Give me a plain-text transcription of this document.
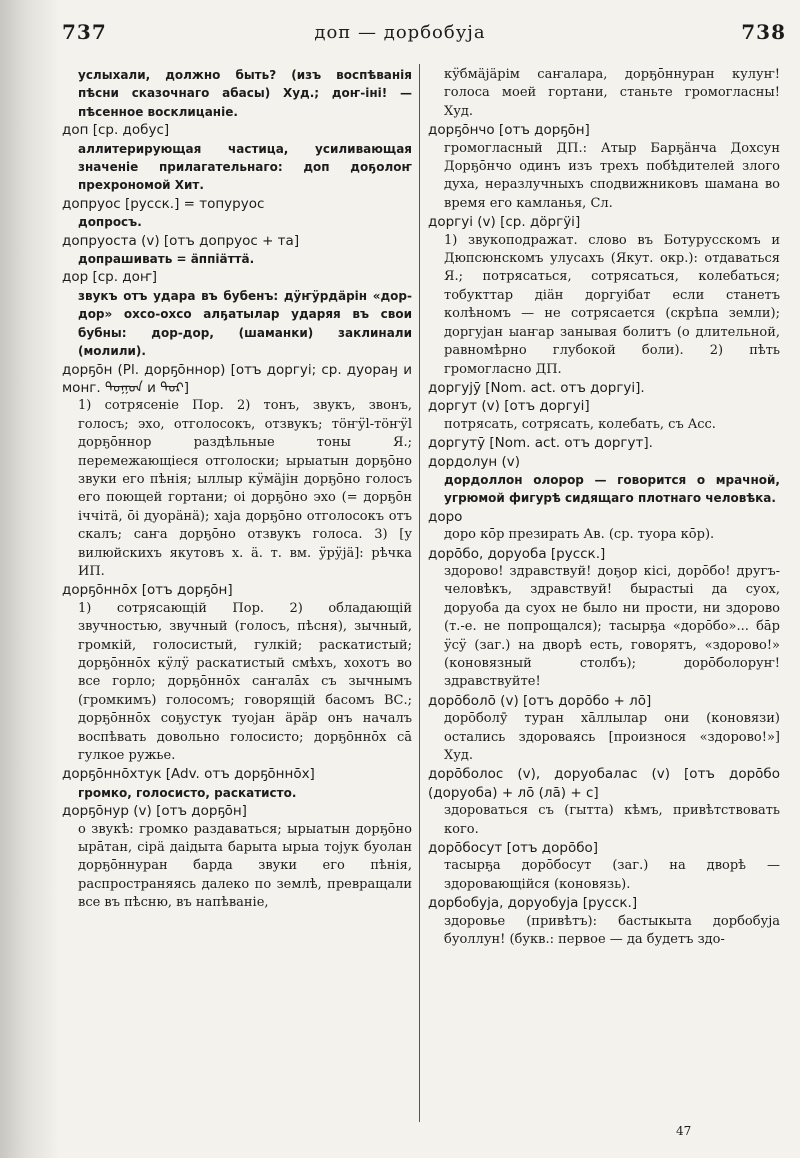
737	доп — дорбобуја	738
услыхали, должно быть? (изъ воспѣванія пѣсни сказочнаго абасы) Худ.; доҥ-іні! — пѣсенное восклицаніе.
доп [ср. добус]
аллитерирующая частица, усиливающая значеніе прилагательнаго: доп доҕолоҥ прехрономой Хит.
допруос [русск.] = топуруос
допросъ.
допруоста (v) [отъ допруос + та]
допрашивать = äппіäттä.
дор [ср. доҥ]
звукъ отъ удара въ бубенъ: дӱҥӱрдäрін «дор-дор» охсо-охсо алҕатылар ударяя въ свои бубны: дор-дор, (шаманки) заклинали (молили).
дорҕōн (Pl. дорҕōннор) [отъ доргуі; ср. дуораӈ и монг. ᠳᠤᠭᠤᠨ и ᠳᠤᠷ]
1) сотрясеніе Пор. 2) тонъ, звукъ, звонъ, голосъ; эхо, отголосокъ, отзвукъ; тöҥӱl-тöҥӱl дорҕōннор раздѣльные тоны Я.; перемежающіеся отголоски; ырыатын дорҕōно звуки его пѣнія; ыллыр кӱмäјін дорҕōно голосъ его поющей гортани; оі дорҕōно эхо (= дорҕōн іччітä, ōі дуорäнä); хаја дорҕōно отголосокъ отъ скалъ; саҥа дорҕōно отзвукъ голоса. 3) [у вилюйскихъ якутовъ х. ä. т. вм. ӱрӱјä]: рѣчка ИП.
дорҕōннōх [отъ дорҕōн]
1) сотрясающій Пор. 2) обладающій звучностью, звучный (голосъ, пѣсня), зычный, громкій, голосистый, гулкій; раскатистый; дорҕōннōх кӱлӱ раскатистый смѣхъ, хохотъ во все горло; дорҕōннōх саҥалāх съ зычнымъ (громкимъ) голосомъ; говорящій басомъ ВС.; дорҕōннōх соҕустук туојан äрäр онъ началъ воспѣвать довольно голосисто; дорҕōннōх сā гулкое ружье.
дорҕōннōхтук [Adv. отъ дорҕōннōх]
громко, голосисто, раскатисто.
дорҕōнур (v) [отъ дорҕōн]
о звукѣ: громко раздаваться; ырыатын дорҕōно ырāтан, сірä даідыта барыта ырыа тојук буолан дорҕōннуран барда звуки его пѣнія, распространяясь далеко по землѣ, превращали все въ пѣсню, въ напѣваніе,
кӱбмäјäрім саҥалара, дорҕōннуран кулуҥ! голоса моей гортани, станьте громогласны! Худ.
дорҕōнчо [отъ дорҕōн]
громогласный ДП.: Атыр Барҕäнча Дохсун Дорҕōнчо одинъ изъ трехъ побѣдителей злого духа, неразлучныхъ сподвижниковъ шамана во время его камланья, Сл.
доргуі (v) [ср. дöргӱі]
1) звукоподражат. слово въ Ботурусскомъ и Дюпсюнскомъ улусахъ (Якут. окр.): отдаваться Я.; потрясаться, сотрясаться, колебаться; тобукттар діäн доргуібат если станетъ колѣномъ — не сотрясается (скрѣпа земли); доргуjан ыаҥар занывая болитъ (о длительной, равномѣрно глубокой боли). 2) пѣть громогласно ДП.
доргујӯ [Nom. act. отъ доргуі].
доргут (v) [отъ доргуі]
потрясать, сотрясать, колебать, съ Acc.
доргутӯ [Nom. act. отъ доргут].
дордолун (v)
дордоллон олорор — говорится о мрачной, угрюмой фигурѣ сидящаго плотнаго человѣка.
доро
доро кōр презирать Ав. (ср. туора кōр).
дорōбо, доруоба [русск.]
здорово! здравствуй! доҕор кісі, дорōбо! другъ-человѣкъ, здравствуй! быраcтыі да суох, доруоба да суох не было ни прости, ни здорово (т.-е. не попрощался); тасырҕа «дорōбо»... бāр ӱсӱ (заг.) на дворѣ есть, говорятъ, «здорово!» (коновязный столбъ); дорōболоруҥ! здравствуйте!
дорōболō (v) [отъ дорōбо + лō]
дорōболӯ туран хāллылар они (коновязи) остались здороваясь [произнося «здорово!»] Худ.
дорōболос (v), доруобалас (v) [отъ дорōбо (доруоба) + лō (лā) + с]
здороваться съ (гытта) кѣмъ, привѣтствовать кого.
дорōбосут [отъ дорōбо]
тасырҕа дорōбосут (заг.) на дворѣ — здоровающійся (коновязь).
дорбобуја, доруобуја [русск.]
здоровье (привѣтъ): бастыкыта дорбобуја буоллун! (букв.: первое — да будетъ здо-
47
